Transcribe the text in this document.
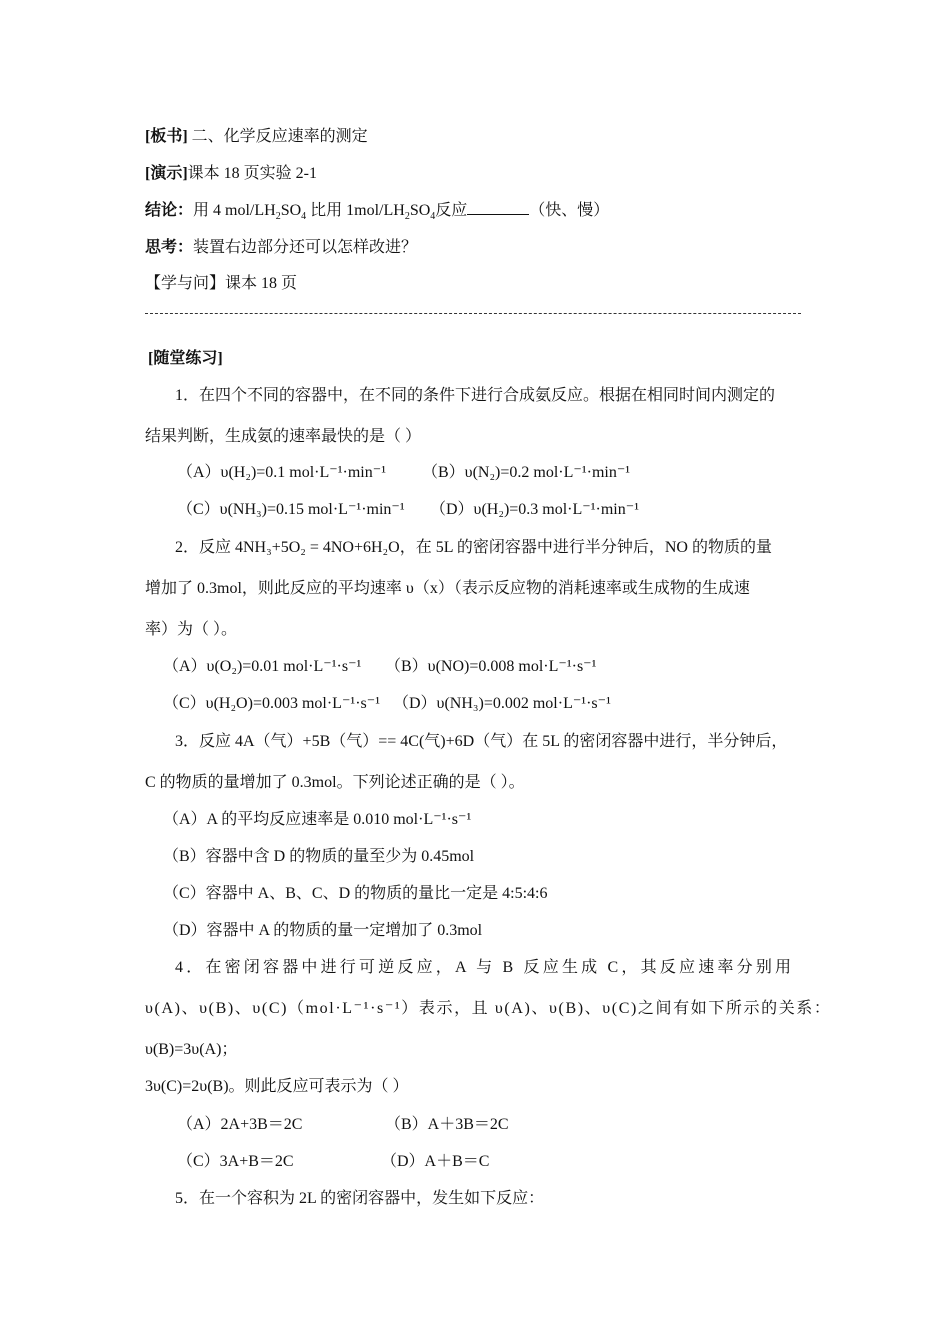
[板书] 二、化学反应速率的测定
[演示]课本 18 页实验 2-1
结论：用 4 mol/$LH_2SO_4$ 比用 $1mol/LH_2SO_4$反应	（快、慢）
思考：装置右边部分还可以怎样改进？
【学与问】课本 18 页
[随堂练习]
1．在四个不同的容器中，在不同的条件下进行合成氨反应。根据在相同时间内测定的
结果判断，生成氨的速率最快的是（ ）
（A）υ(H₂)=0.1 mol·L⁻¹·min⁻¹ （B）υ(N₂)=0.2 mol·L⁻¹·min⁻¹
（C）υ(NH₃)=0.15 mol·L⁻¹·min⁻¹ （D）υ(H₂)=0.3 mol·L⁻¹·min⁻¹
2．反应 4NH₃+5O₂ = 4NO+6H₂O，在 5L 的密闭容器中进行半分钟后，NO 的物质的量
增加了 0.3mol，则此反应的平均速率 υ（x）（表示反应物的消耗速率或生成物的生成速
率）为（ ）。
（A）υ(O₂)=0.01 mol·L⁻¹·s⁻¹ （B）υ(NO)=0.008 mol·L⁻¹·s⁻¹
（C）υ(H₂O)=0.003 mol·L⁻¹·s⁻¹ （D）υ(NH₃)=0.002 mol·L⁻¹·s⁻¹
3．反应 4A（气）+5B（气）== 4C(气)+6D（气）在 5L 的密闭容器中进行，半分钟后，
C 的物质的量增加了 0.3mol。下列论述正确的是（ ）。
（A）A 的平均反应速率是 0.010 mol·L⁻¹·s⁻¹
（B）容器中含 D 的物质的量至少为 0.45mol
（C）容器中 A、B、C、D 的物质的量比一定是 4:5:4:6
（D）容器中 A 的物质的量一定增加了 0.3mol
4．在密闭容器中进行可逆反应，A 与 B 反应生成 C，其反应速率分别用
υ(A)、υ(B)、υ(C)（mol·L⁻¹·s⁻¹）表示，且 υ(A)、υ(B)、υ(C)之间有如下所示的关系：
υ(B)=3υ(A)；
3υ(C)=2υ(B)。则此反应可表示为（ ）
（A）2A+3B＝2C	（B）A＋3B＝2C
（C）3A+B＝2C	（D）A＋B＝C
5．在一个容积为 2L 的密闭容器中，发生如下反应：
